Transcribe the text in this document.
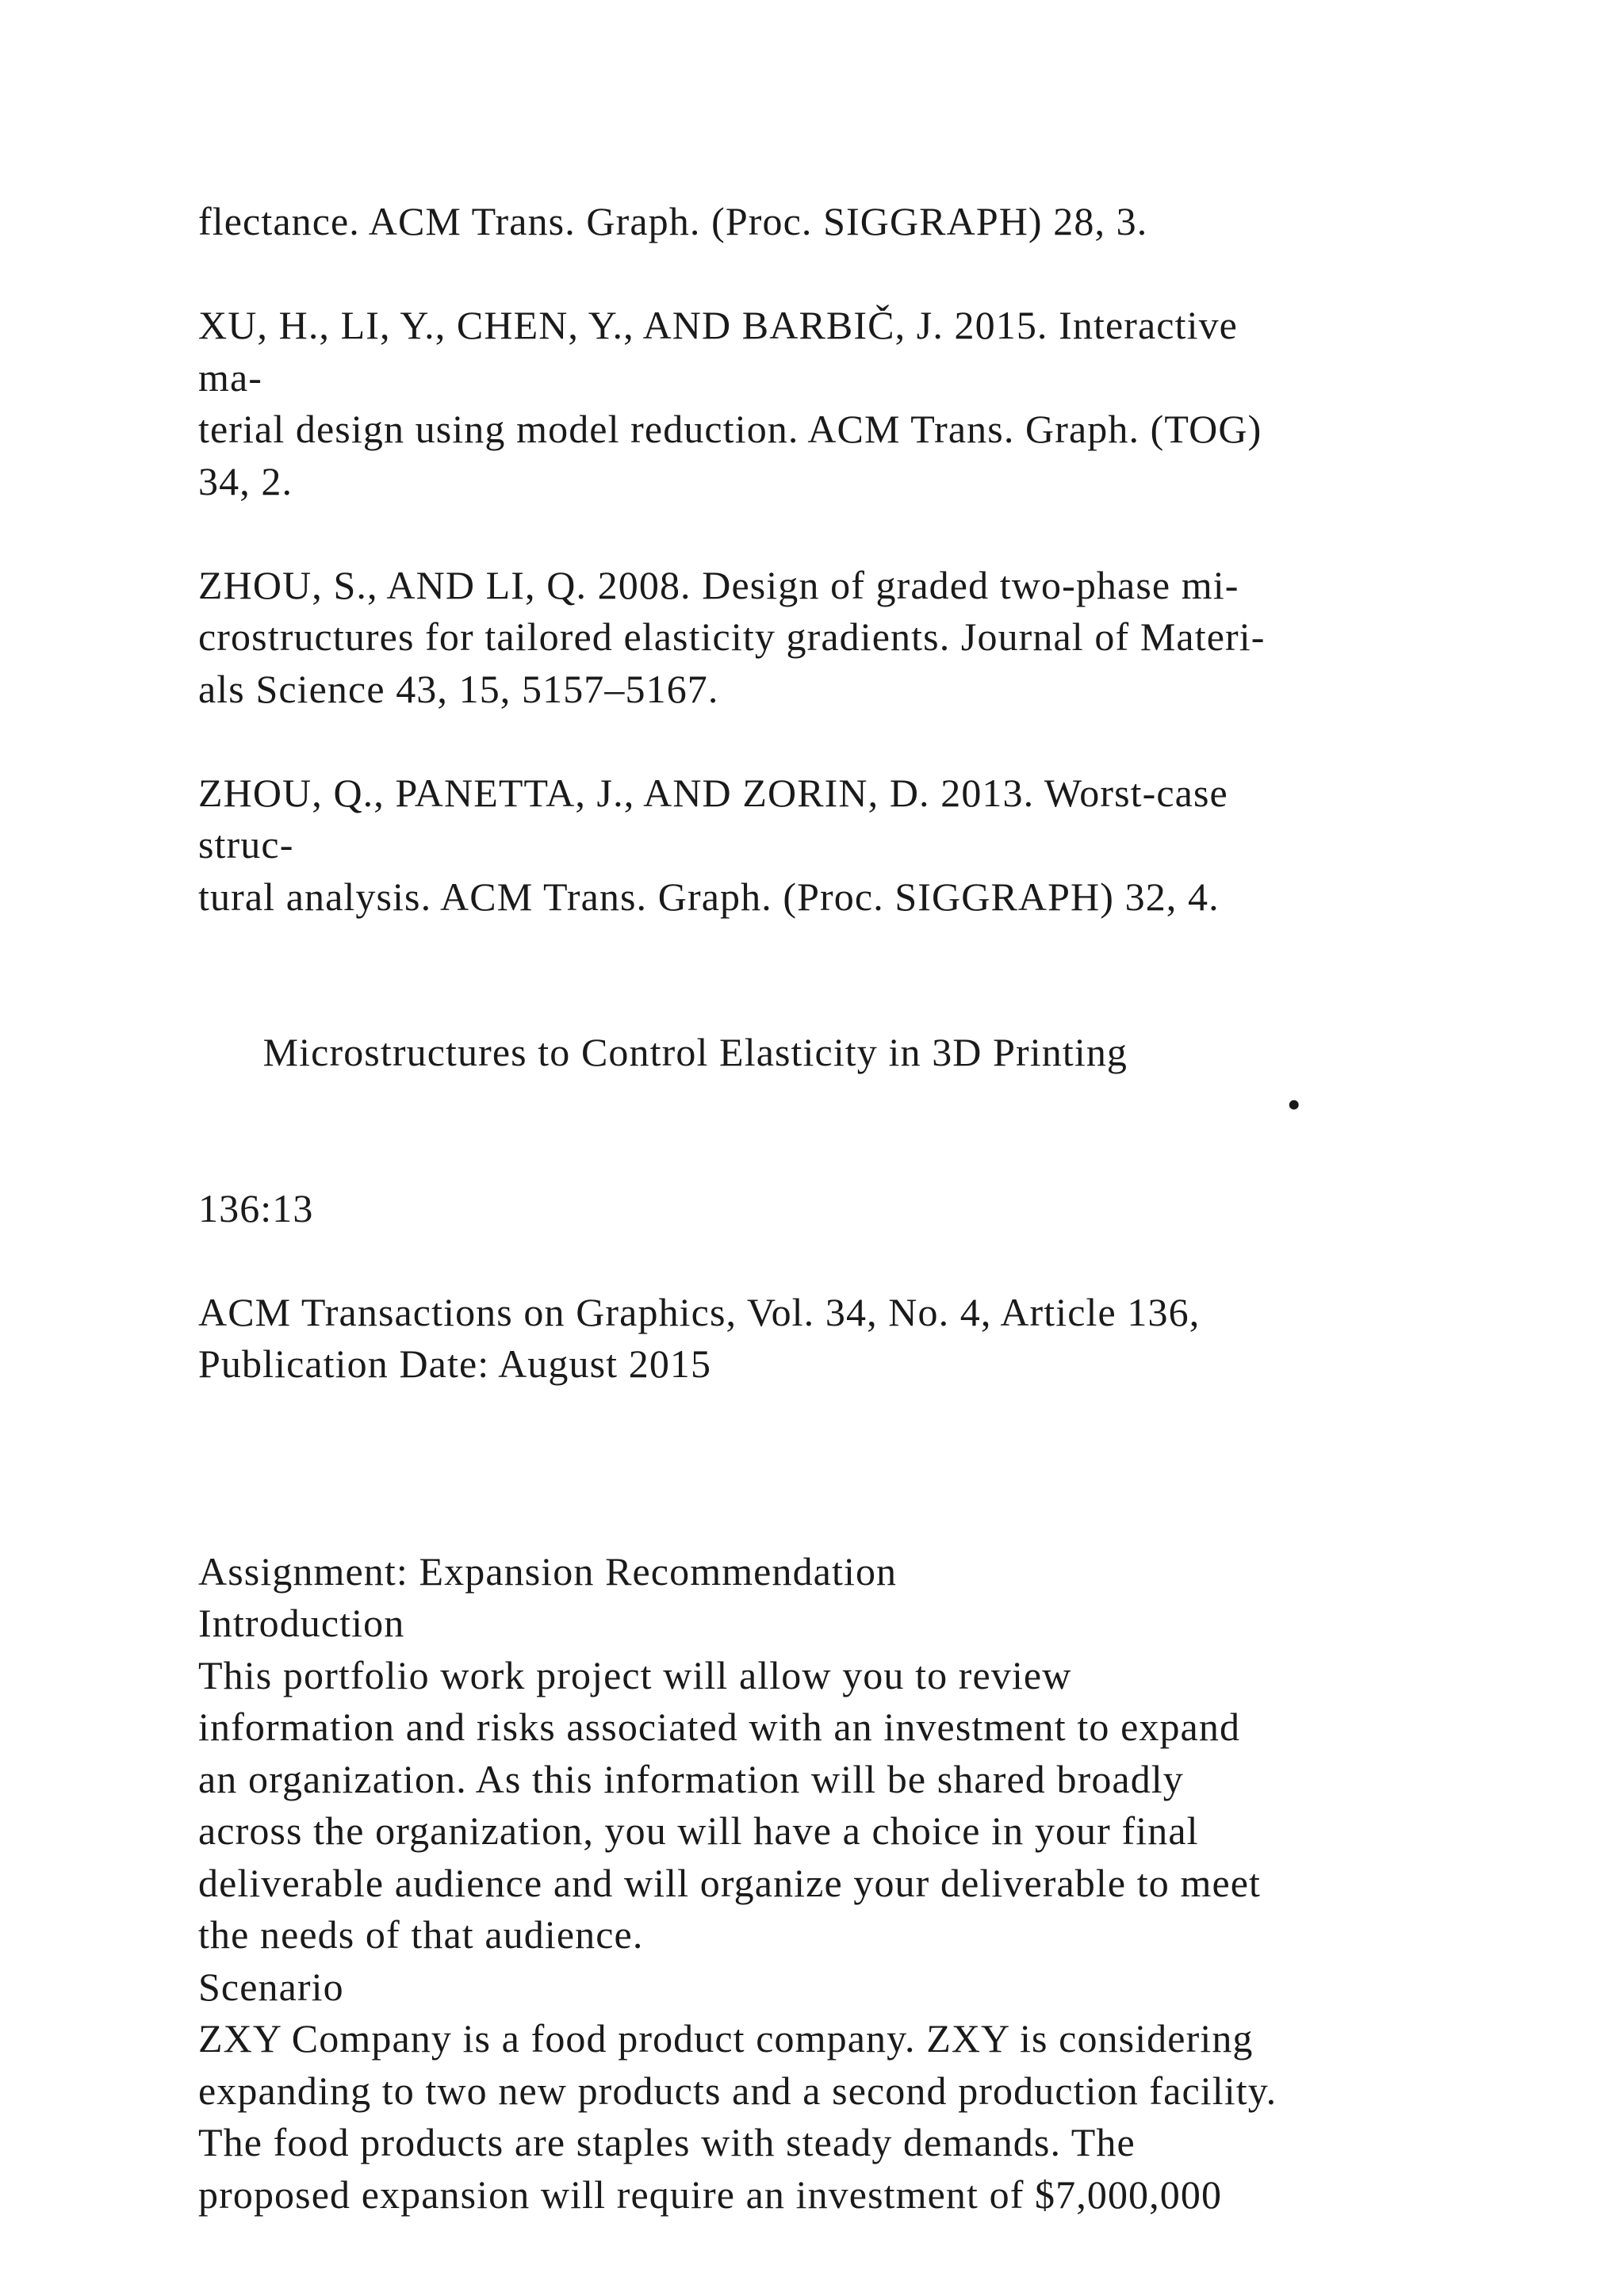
flectance. ACM Trans. Graph. (Proc. SIGGRAPH) 28, 3.
XU, H., LI, Y., CHEN, Y., AND BARBIČ, J. 2015. Interactive
ma-
terial design using model reduction. ACM Trans. Graph. (TOG)
34, 2.
ZHOU, S., AND LI, Q. 2008. Design of graded two-phase mi-
crostructures for tailored elasticity gradients. Journal of Materi-
als Science 43, 15, 5157–5167.
ZHOU, Q., PANETTA, J., AND ZORIN, D. 2013. Worst-case
struc-
tural analysis. ACM Trans. Graph. (Proc. SIGGRAPH) 32, 4.

Microstructures to Control Elasticity in 3D Printing

•

136:13
ACM Transactions on Graphics, Vol. 34, No. 4, Article 136,
Publication Date: August 2015
Assignment: Expansion Recommendation
Introduction
This portfolio work project will allow you to review
information and risks associated with an investment to expand
an organization. As this information will be shared broadly
across the organization, you will have a choice in your final
deliverable audience and will organize your deliverable to meet
the needs of that audience.
Scenario
ZXY Company is a food product company. ZXY is considering
expanding to two new products and a second production facility.
The food products are staples with steady demands. The
proposed expansion will require an investment of $7,000,000
